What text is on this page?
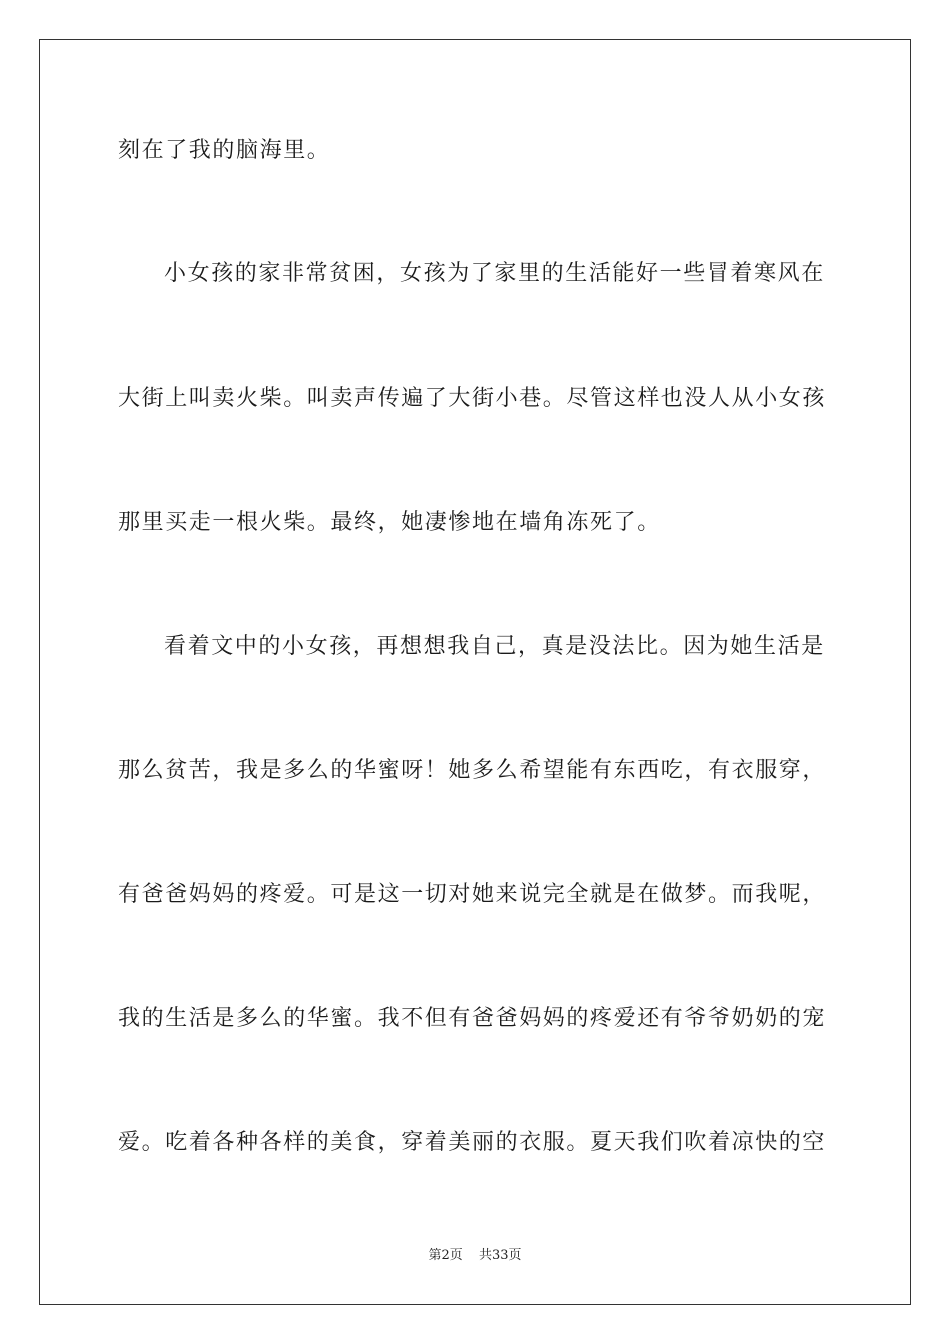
刻在了我的脑海里。
小女孩的家非常贫困，女孩为了家里的生活能好一些冒着寒风在
大街上叫卖火柴。叫卖声传遍了大街小巷。尽管这样也没人从小女孩
那里买走一根火柴。最终，她凄惨地在墙角冻死了。
看着文中的小女孩，再想想我自己，真是没法比。因为她生活是
那么贫苦，我是多么的华蜜呀！她多么希望能有东西吃，有衣服穿，
有爸爸妈妈的疼爱。可是这一切对她来说完全就是在做梦。而我呢，
我的生活是多么的华蜜。我不但有爸爸妈妈的疼爱还有爷爷奶奶的宠
爱。吃着各种各样的美食，穿着美丽的衣服。夏天我们吹着凉快的空
第2页 共33页
